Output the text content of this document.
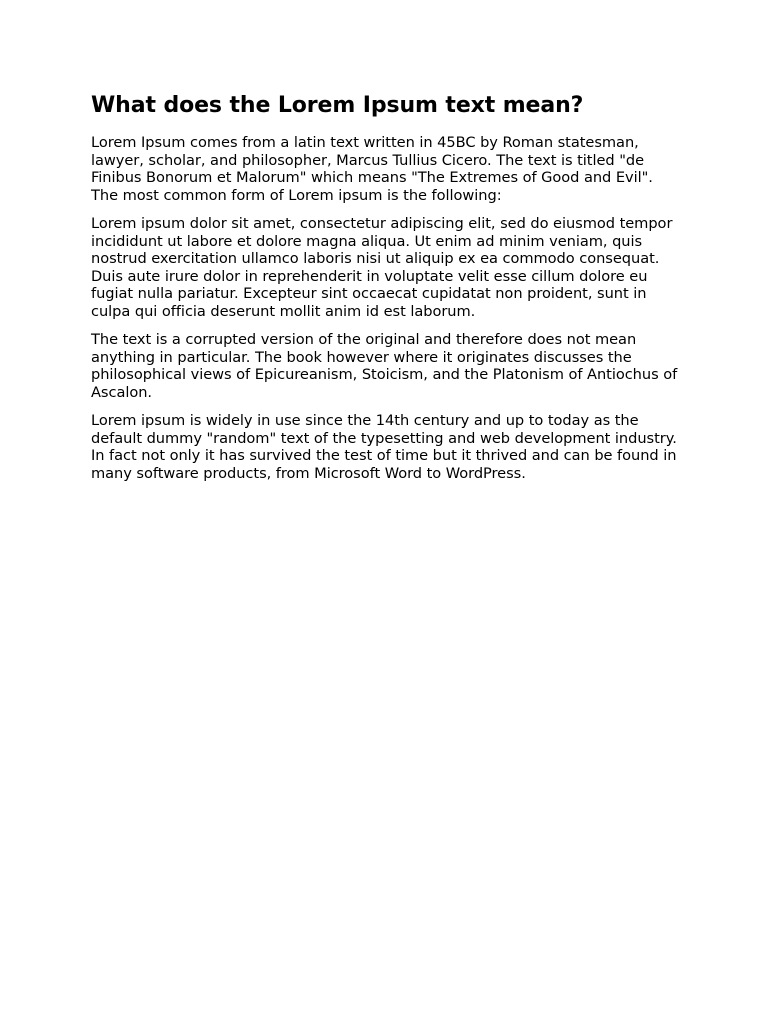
What does the Lorem Ipsum text mean?

Lorem Ipsum comes from a latin text written in 45BC by Roman statesman, lawyer, scholar, and philosopher, Marcus Tullius Cicero. The text is titled "de Finibus Bonorum et Malorum" which means "The Extremes of Good and Evil". The most common form of Lorem ipsum is the following:

Lorem ipsum dolor sit amet, consectetur adipiscing elit, sed do eiusmod tempor incididunt ut labore et dolore magna aliqua. Ut enim ad minim veniam, quis nostrud exercitation ullamco laboris nisi ut aliquip ex ea commodo consequat. Duis aute irure dolor in reprehenderit in voluptate velit esse cillum dolore eu fugiat nulla pariatur. Excepteur sint occaecat cupidatat non proident, sunt in culpa qui officia deserunt mollit anim id est laborum.

The text is a corrupted version of the original and therefore does not mean anything in particular. The book however where it originates discusses the philosophical views of Epicureanism, Stoicism, and the Platonism of Antiochus of Ascalon.

Lorem ipsum is widely in use since the 14th century and up to today as the default dummy "random" text of the typesetting and web development industry. In fact not only it has survived the test of time but it thrived and can be found in many software products, from Microsoft Word to WordPress.
